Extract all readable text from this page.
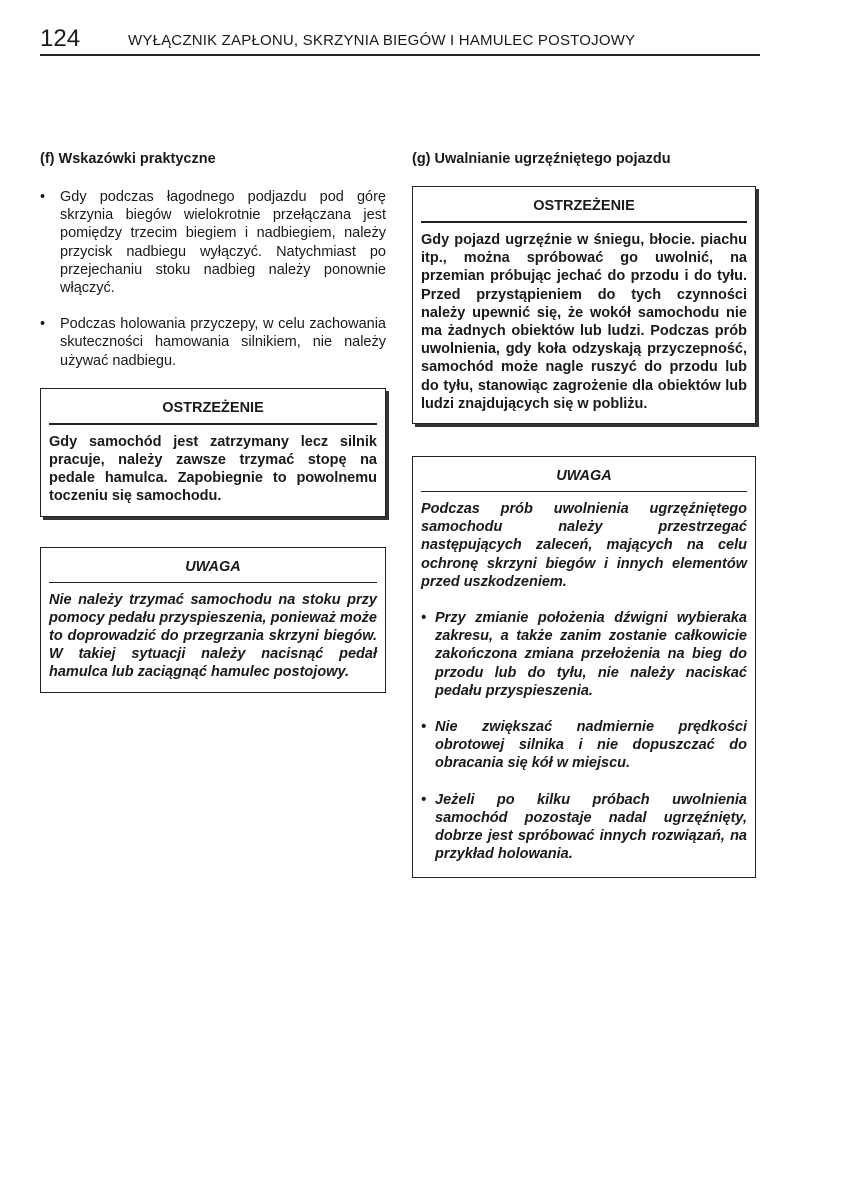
124	WYŁĄCZNIK ZAPŁONU, SKRZYNIA BIEGÓW I HAMULEC POSTOJOWY
(f) Wskazówki praktyczne
• Gdy podczas łagodnego podjazdu pod górę skrzynia biegów wielokrotnie przełączana jest pomiędzy trzecim biegiem i nadbiegiem, należy przycisk nadbiegu wyłączyć. Natychmiast po przejechaniu stoku nadbieg należy ponownie włączyć.
• Podczas holowania przyczepy, w celu zachowania skuteczności hamowania silnikiem, nie należy używać nadbiegu.
OSTRZEŻENIE

Gdy samochód jest zatrzymany lecz silnik pracuje, należy zawsze trzymać stopę na pedale hamulca. Zapobiegnie to powolnemu toczeniu się samochodu.

UWAGA

Nie należy trzymać samochodu na stoku przy pomocy pedału przyspieszenia, ponieważ może to doprowadzić do przegrzania skrzyni biegów. W takiej sytuacji należy nacisnąć pedał hamulca lub zaciągnąć hamulec postojowy.

(g) Uwalnianie ugrzęźniętego pojazdu
OSTRZEŻENIE

Gdy pojazd ugrzęźnie w śniegu, błocie. piachu itp., można spróbować go uwolnić, na przemian próbując jechać do przodu i do tyłu. Przed przystąpieniem do tych czynności należy upewnić się, że wokół samochodu nie ma żadnych obiektów lub ludzi. Podczas prób uwolnienia, gdy koła odzyskają przyczepność, samochód może nagle ruszyć do przodu lub do tyłu, stanowiąc zagrożenie dla obiektów lub ludzi znajdujących się w pobliżu.

UWAGA

Podczas prób uwolnienia ugrzęźniętego samochodu należy przestrzegać następujących zaleceń, mających na celu ochronę skrzyni biegów i innych elementów przed uszkodzeniem.

• Przy zmianie położenia dźwigni wybieraka zakresu, a także zanim zostanie całkowicie zakończona zmiana przełożenia na bieg do przodu lub do tyłu, nie należy naciskać pedału przyspieszenia.
• Nie zwiększać nadmiernie prędkości obrotowej silnika i nie dopuszczać do obracania się kół w miejscu.
• Jeżeli po kilku próbach uwolnienia samochód pozostaje nadal ugrzęźnięty, dobrze jest spróbować innych rozwiązań, na przykład holowania.
